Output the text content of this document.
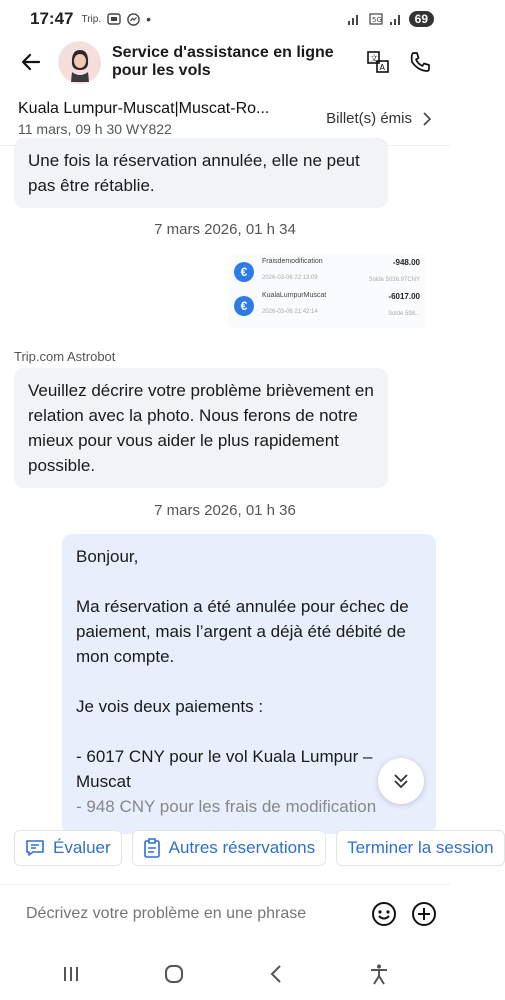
17:47 Trip.	•	5G	69
Service d'assistance en ligne pour les vols
文
A
Kuala Lumpur-Muscat|Muscat-Ro...
11 mars, 09 h 30 WY822
Billet(s) émis
Une fois la réservation annulée, elle ne peut pas être rétablie.
7 mars 2026, 01 h 34
€
Fraisdemodification
2026-03-06 22:13:09
-948.00
Solde 5036.97CNY
€
KualaLumpurMuscat
2026-03-06 21:42:14
-6017.00
Solde 598...
Trip.com Astrobot
Veuillez décrire votre problème brièvement en relation avec la photo. Nous ferons de notre mieux pour vous aider le plus rapidement possible.
7 mars 2026, 01 h 36
Bonjour,
Ma réservation a été annulée pour échec de paiement, mais l’argent a déjà été débité de mon compte.
Je vois deux paiements :
- 6017 CNY pour le vol Kuala Lumpur – Muscat
- 948 CNY pour les frais de modification
Évaluer	Autres réservations Terminer la session
Décrivez votre problème en une phrase
